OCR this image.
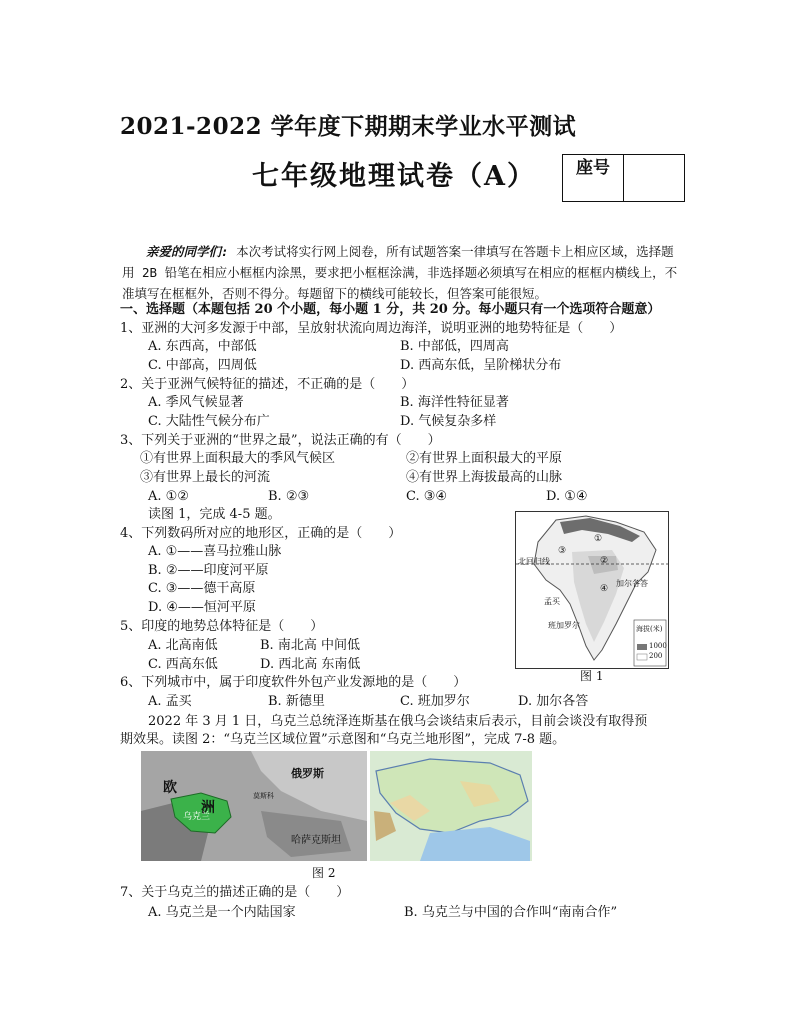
2021-2022 学年度下期期末学业水平测试
七年级地理试卷（A）	座号
亲爱的同学们: 本次考试将实行网上阅卷，所有试题答案一律填写在答题卡上相应区域，选择题用 2B 铅笔在相应小框框内涂黑，要求把小框框涂满，非选择题必须填写在相应的框框内横线上，不准填写在框框外，否则不得分。每题留下的横线可能较长，但答案可能很短。
一、选择题（本题包括 20 个小题，每小题 1 分，共 20 分。每小题只有一个选项符合题意）
1、亚洲的大河多发源于中部，呈放射状流向周边海洋，说明亚洲的地势特征是（　　）
A. 东西高，中部低	B. 中部低，四周高
C. 中部高，四周低	D. 西高东低，呈阶梯状分布
2、关于亚洲气候特征的描述，不正确的是（　　）
A. 季风气候显著	B. 海洋性特征显著
C. 大陆性气候分布广	D. 气候复杂多样
3、下列关于亚洲的“世界之最”，说法正确的有（　　）
①有世界上面积最大的季风气候区	②有世界上面积最大的平原
③有世界上最长的河流	④有世界上海拔最高的山脉
A. ①②	B. ②③	C. ③④	D. ①④
读图 1，完成 4-5 题。
4、下列数码所对应的地形区，正确的是（　　）
A. ①——喜马拉雅山脉
B. ②——印度河平原
C. ③——德干高原
D. ④——恒河平原
5、印度的地势总体特征是（　　）
A. 北高南低	B. 南北高 中间低
C. 西高东低	D. 西北高 东南低
6、下列城市中，属于印度软件外包产业发源地的是（　　）
A. 孟买	B. 新德里	C. 班加罗尔	D. 加尔各答
2022 年 3 月 1 日，乌克兰总统泽连斯基在俄乌会谈结束后表示，目前会谈没有取得预
期效果。读图 2：“乌克兰区域位置”示意图和“乌克兰地形图”，完成 7-8 题。
北回归线
孟买
加尔各答
班加罗尔
①
②
③
④
海拔(米)
1000
200
图 1
俄罗斯
欧
洲
乌克兰
哈萨克斯坦
莫斯科
图 2
7、关于乌克兰的描述正确的是（　　）
A. 乌克兰是一个内陆国家	B. 乌克兰与中国的合作叫“南南合作”
